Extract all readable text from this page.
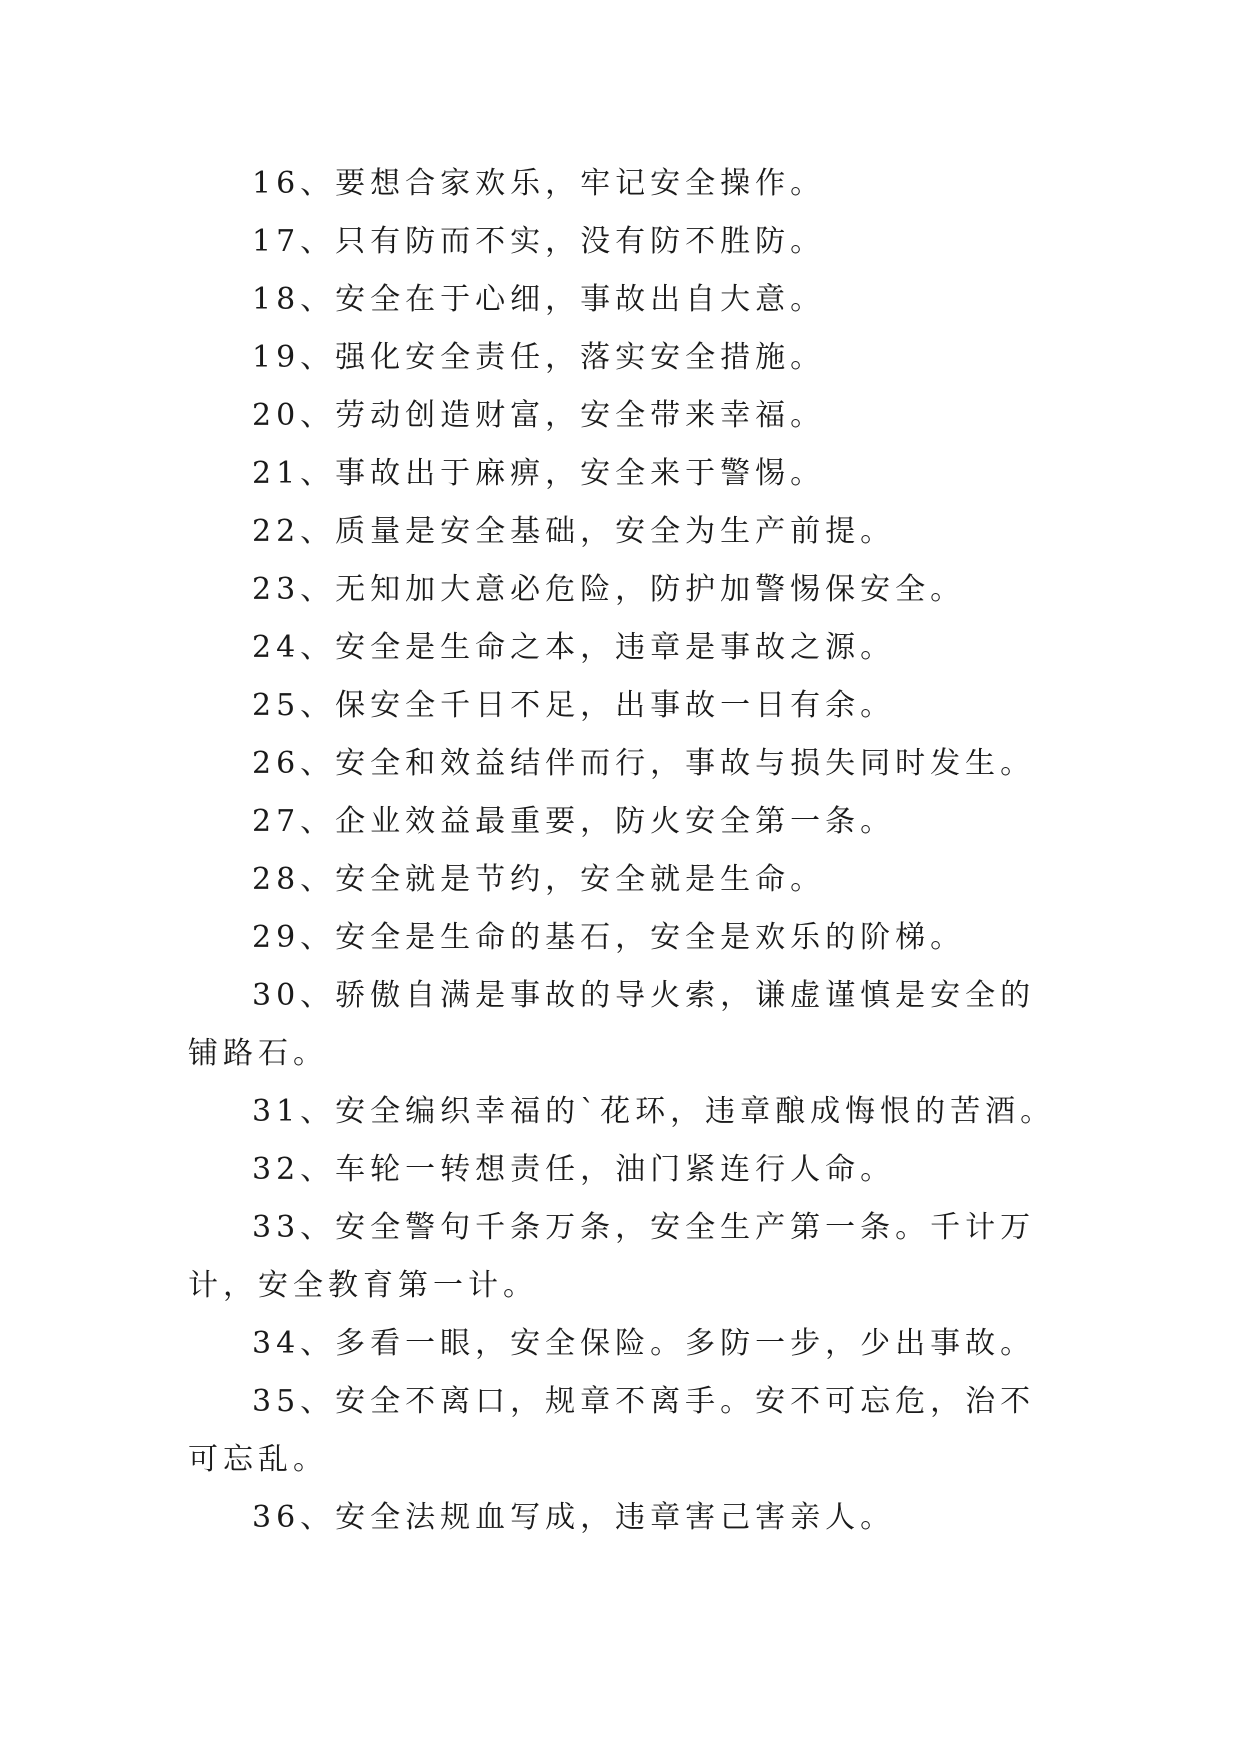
16、要想合家欢乐，牢记安全操作。

17、只有防而不实，没有防不胜防。

18、安全在于心细，事故出自大意。

19、强化安全责任，落实安全措施。

20、劳动创造财富，安全带来幸福。

21、事故出于麻痹，安全来于警惕。

22、质量是安全基础，安全为生产前提。

23、无知加大意必危险，防护加警惕保安全。

24、安全是生命之本，违章是事故之源。

25、保安全千日不足，出事故一日有余。

26、安全和效益结伴而行，事故与损失同时发生。

27、企业效益最重要，防火安全第一条。

28、安全就是节约，安全就是生命。

29、安全是生命的基石，安全是欢乐的阶梯。

30、骄傲自满是事故的导火索，谦虚谨慎是安全的铺路石。

31、安全编织幸福的`花环，违章酿成悔恨的苦酒。

32、车轮一转想责任，油门紧连行人命。

33、安全警句千条万条，安全生产第一条。千计万计，安全教育第一计。

34、多看一眼，安全保险。多防一步，少出事故。

35、安全不离口，规章不离手。安不可忘危，治不可忘乱。

36、安全法规血写成，违章害己害亲人。
